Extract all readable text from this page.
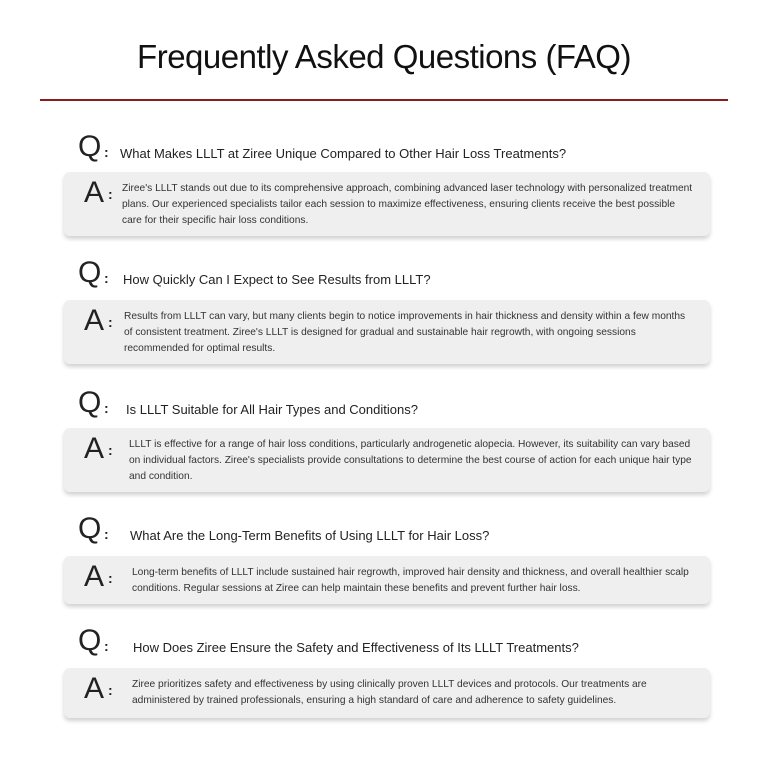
Frequently Asked Questions (FAQ)
Q : What Makes LLLT at Ziree Unique Compared to Other Hair Loss Treatments?
A : Ziree's LLLT stands out due to its comprehensive approach, combining advanced laser technology with personalized treatment plans. Our experienced specialists tailor each session to maximize effectiveness, ensuring clients receive the best possible care for their specific hair loss conditions.
Q : How Quickly Can I Expect to See Results from LLLT?
A : Results from LLLT can vary, but many clients begin to notice improvements in hair thickness and density within a few months of consistent treatment. Ziree's LLLT is designed for gradual and sustainable hair regrowth, with ongoing sessions recommended for optimal results.
Q : Is LLLT Suitable for All Hair Types and Conditions?
A : LLLT is effective for a range of hair loss conditions, particularly androgenetic alopecia. However, its suitability can vary based on individual factors. Ziree's specialists provide consultations to determine the best course of action for each unique hair type and condition.
Q : What Are the Long-Term Benefits of Using LLLT for Hair Loss?
A : Long-term benefits of LLLT include sustained hair regrowth, improved hair density and thickness, and overall healthier scalp conditions. Regular sessions at Ziree can help maintain these benefits and prevent further hair loss.
Q : How Does Ziree Ensure the Safety and Effectiveness of Its LLLT Treatments?
A : Ziree prioritizes safety and effectiveness by using clinically proven LLLT devices and protocols. Our treatments are administered by trained professionals, ensuring a high standard of care and adherence to safety guidelines.
